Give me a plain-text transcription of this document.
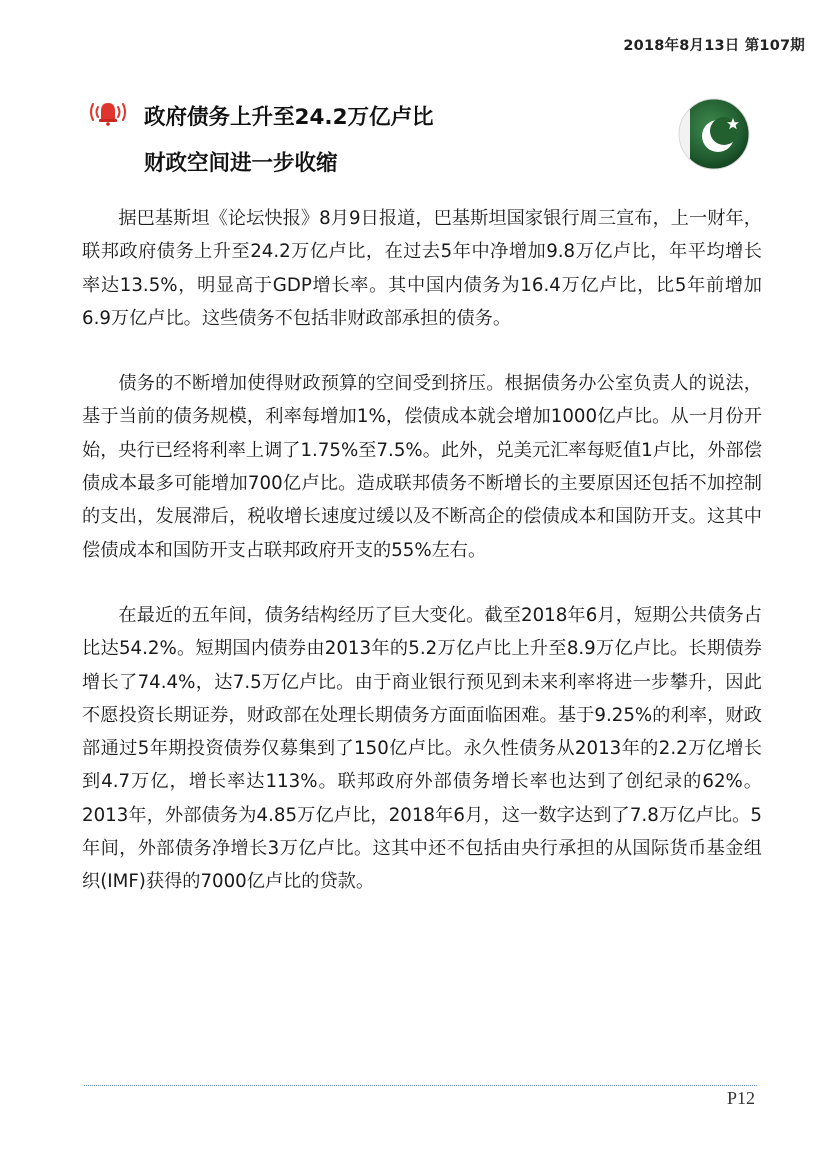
2018年8月13日 第107期
政府债务上升至24.2万亿卢比
财政空间进一步收缩

据巴基斯坦《论坛快报》8月9日报道，巴基斯坦国家银行周三宣布，上一财年，联邦政府债务上升至24.2万亿卢比，在过去5年中净增加9.8万亿卢比，年平均增长率达13.5%，明显高于GDP增长率。其中国内债务为16.4万亿卢比，比5年前增加6.9万亿卢比。这些债务不包括非财政部承担的债务。

债务的不断增加使得财政预算的空间受到挤压。根据债务办公室负责人的说法，基于当前的债务规模，利率每增加1%，偿债成本就会增加1000亿卢比。从一月份开始，央行已经将利率上调了1.75%至7.5%。此外，兑美元汇率每贬值1卢比，外部偿债成本最多可能增加700亿卢比。造成联邦债务不断增长的主要原因还包括不加控制的支出，发展滞后，税收增长速度过缓以及不断高企的偿债成本和国防开支。这其中偿债成本和国防开支占联邦政府开支的55%左右。

在最近的五年间，债务结构经历了巨大变化。截至2018年6月，短期公共债务占比达54.2%。短期国内债券由2013年的5.2万亿卢比上升至8.9万亿卢比。长期债券增长了74.4%，达7.5万亿卢比。由于商业银行预见到未来利率将进一步攀升，因此不愿投资长期证券，财政部在处理长期债务方面面临困难。基于9.25%的利率，财政部通过5年期投资债券仅募集到了150亿卢比。永久性债务从2013年的2.2万亿增长到4.7万亿，增长率达113%。联邦政府外部债务增长率也达到了创纪录的62%。2013年，外部债务为4.85万亿卢比，2018年6月，这一数字达到了7.8万亿卢比。5年间，外部债务净增长3万亿卢比。这其中还不包括由央行承担的从国际货币基金组织(IMF)获得的7000亿卢比的贷款。

P12
